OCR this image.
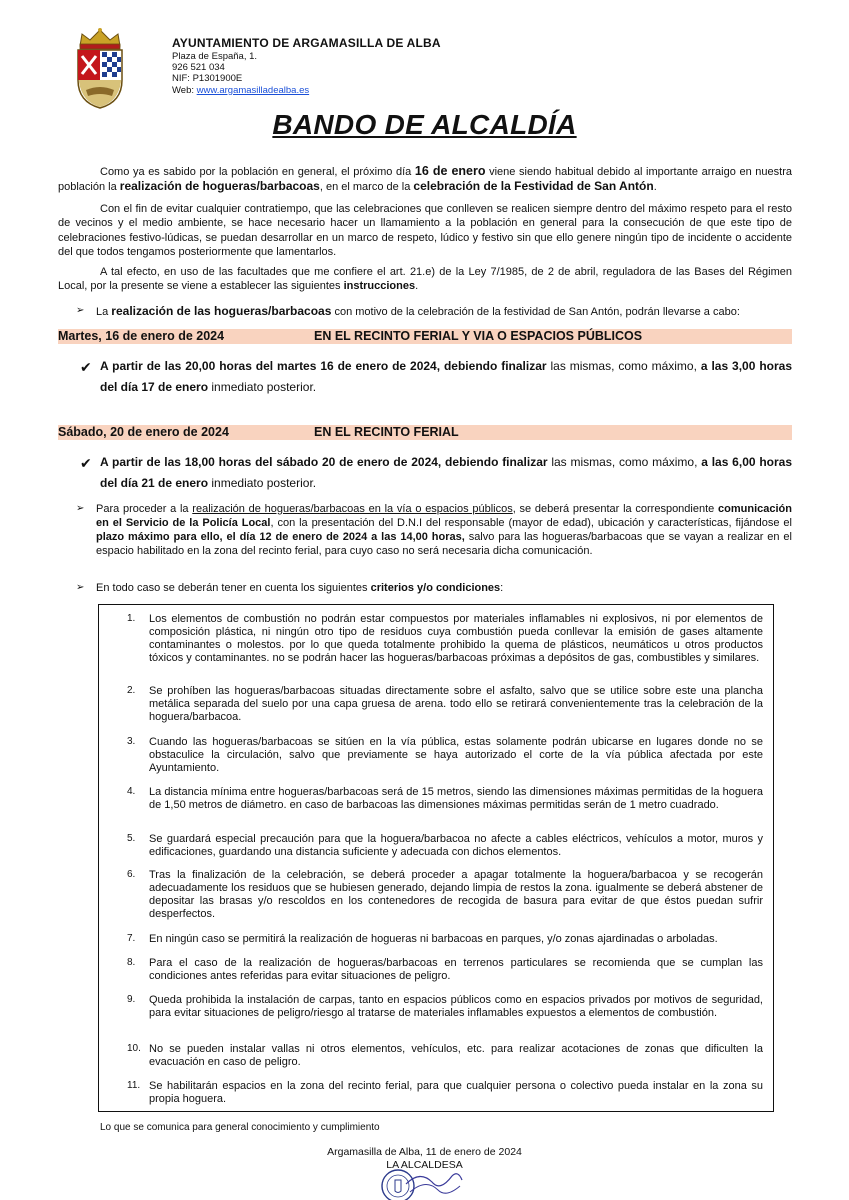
AYUNTAMIENTO DE ARGAMASILLA DE ALBA
Plaza de España, 1.
926 521 034
NIF: P1301900E
Web: www.argamasilladealba.es
BANDO DE ALCALDÍA
Como ya es sabido por la población en general, el próximo día 16 de enero viene siendo habitual debido al importante arraigo en nuestra población la realización de hogueras/barbacoas, en el marco de la celebración de la Festividad de San Antón.
Con el fin de evitar cualquier contratiempo, que las celebraciones que conlleven se realicen siempre dentro del máximo respeto para el resto de vecinos y el medio ambiente, se hace necesario hacer un llamamiento a la población en general para la consecución de que este tipo de celebraciones festivo-lúdicas, se puedan desarrollar en un marco de respeto, lúdico y festivo sin que ello genere ningún tipo de incidente o accidente del que todos tengamos posteriormente que lamentarlos.
A tal efecto, en uso de las facultades que me confiere el art. 21.e) de la Ley 7/1985, de 2 de abril, reguladora de las Bases del Régimen Local, por la presente se viene a establecer las siguientes instrucciones.
➢ La realización de las hogueras/barbacoas con motivo de la celebración de la festividad de San Antón, podrán llevarse a cabo:
Martes, 16 de enero de 2024	EN EL RECINTO FERIAL Y VIA O ESPACIOS PÚBLICOS
✔ A partir de las 20,00 horas del martes 16 de enero de 2024, debiendo finalizar las mismas, como máximo, a las 3,00 horas del día 17 de enero inmediato posterior.
Sábado, 20 de enero de 2024	EN EL RECINTO FERIAL
✔ A partir de las 18,00 horas del sábado 20 de enero de 2024, debiendo finalizar las mismas, como máximo, a las 6,00 horas del día 21 de enero inmediato posterior.
➢ Para proceder a la realización de hogueras/barbacoas en la vía o espacios públicos, se deberá presentar la correspondiente comunicación en el Servicio de la Policía Local, con la presentación del D.N.I del responsable (mayor de edad), ubicación y características, fijándose el plazo máximo para ello, el día 12 de enero de 2024 a las 14,00 horas, salvo para las hogueras/barbacoas que se vayan a realizar en el espacio habilitado en la zona del recinto ferial, para cuyo caso no será necesaria dicha comunicación.
➢ En todo caso se deberán tener en cuenta los siguientes criterios y/o condiciones:
1. Los elementos de combustión no podrán estar compuestos por materiales inflamables ni explosivos, ni por elementos de composición plástica, ni ningún otro tipo de residuos cuya combustión pueda conllevar la emisión de gases altamente contaminantes o molestos. por lo que queda totalmente prohibido la quema de plásticos, neumáticos u otros productos tóxicos y contaminantes. no se podrán hacer las hogueras/barbacoas próximas a depósitos de gas, combustibles y similares.
2. Se prohíben las hogueras/barbacoas situadas directamente sobre el asfalto, salvo que se utilice sobre este una plancha metálica separada del suelo por una capa gruesa de arena. todo ello se retirará convenientemente tras la celebración de la hoguera/barbacoa.
3. Cuando las hogueras/barbacoas se sitúen en la vía pública, estas solamente podrán ubicarse en lugares donde no se obstaculice la circulación, salvo que previamente se haya autorizado el corte de la vía pública afectada por este Ayuntamiento.
4. La distancia mínima entre hogueras/barbacoas será de 15 metros, siendo las dimensiones máximas permitidas de la hoguera de 1,50 metros de diámetro. en caso de barbacoas las dimensiones máximas permitidas serán de 1 metro cuadrado.
5. Se guardará especial precaución para que la hoguera/barbacoa no afecte a cables eléctricos, vehículos a motor, muros y edificaciones, guardando una distancia suficiente y adecuada con dichos elementos.
6. Tras la finalización de la celebración, se deberá proceder a apagar totalmente la hoguera/barbacoa y se recogerán adecuadamente los residuos que se hubiesen generado, dejando limpia de restos la zona. igualmente se deberá abstener de depositar las brasas y/o rescoldos en los contenedores de recogida de basura para evitar de que éstos puedan sufrir desperfectos.
7. En ningún caso se permitirá la realización de hogueras ni barbacoas en parques, y/o zonas ajardinadas o arboladas.
8. Para el caso de la realización de hogueras/barbacoas en terrenos particulares se recomienda que se cumplan las condiciones antes referidas para evitar situaciones de peligro.
9. Queda prohibida la instalación de carpas, tanto en espacios públicos como en espacios privados por motivos de seguridad, para evitar situaciones de peligro/riesgo al tratarse de materiales inflamables expuestos a elementos de combustión.
10. No se pueden instalar vallas ni otros elementos, vehículos, etc. para realizar acotaciones de zonas que dificulten la evacuación en caso de peligro.
11. Se habilitarán espacios en la zona del recinto ferial, para que cualquier persona o colectivo pueda instalar en la zona su propia hoguera.
Lo que se comunica para general conocimiento y cumplimiento
Argamasilla de Alba, 11 de enero de 2024
LA ALCALDESA
